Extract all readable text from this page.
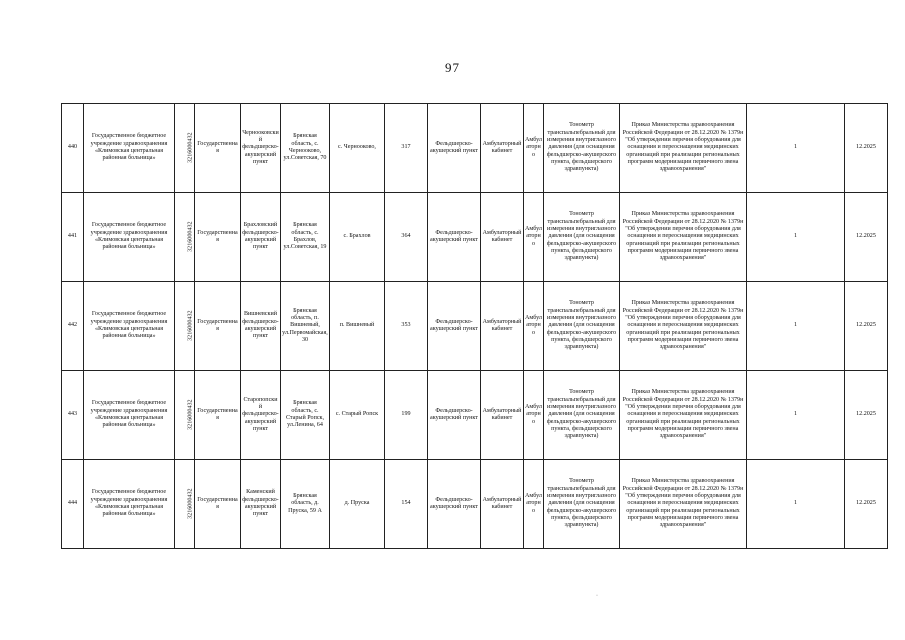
97
440	Государственное бюджетное учреждение здравоохранения «Климовская центральная районная больница»	3216000432	Государственная	Чернооковский фельдшерско-акушерский пункт	Брянская область, с. Чернооково, ул.Советская, 70	с. Чернооково,	317	Фельдшерско-акушерский пункт	Амбулаторный кабинет	Амбулаторно	Тонометр транспальпебральный для измерения внутриглазного давления (для оснащения фельдшерско-акушерского пункта, фельдшерского здравпункта)	Приказ Министерства здравоохранения Российской Федерации от 28.12.2020 № 1379н "Об утверждении перечня оборудования для оснащения и переоснащения медицинских организаций при реализации региональных программ модернизации первичного звена здравоохранения"	1	12.2025
441	Государственное бюджетное учреждение здравоохранения «Климовская центральная районная больница»	3216000432	Государственная	Брахловский фельдшерско-акушерский пункт	Брянская область, с. Брахлов, ул.Советская, 19	с. Брахлов	364	Фельдшерско-акушерский пункт	Амбулаторный кабинет	Амбулаторно	Тонометр транспальпебральный для измерения внутриглазного давления (для оснащения фельдшерско-акушерского пункта, фельдшерского здравпункта)	Приказ Министерства здравоохранения Российской Федерации от 28.12.2020 № 1379н "Об утверждении перечня оборудования для оснащения и переоснащения медицинских организаций при реализации региональных программ модернизации первичного звена здравоохранения"	1	12.2025
442	Государственное бюджетное учреждение здравоохранения «Климовская центральная районная больница»	3216000432	Государственная	Вишневский фельдшерско-акушерский пункт	Брянская область, п. Вишневый, ул.Первомайская, 30	п. Вишневый	353	Фельдшерско-акушерский пункт	Амбулаторный кабинет	Амбулаторно	Тонометр транспальпебральный для измерения внутриглазного давления (для оснащения фельдшерско-акушерского пункта, фельдшерского здравпункта)	Приказ Министерства здравоохранения Российской Федерации от 28.12.2020 № 1379н "Об утверждении перечня оборудования для оснащения и переоснащения медицинских организаций при реализации региональных программ модернизации первичного звена здравоохранения"	1	12.2025
443	Государственное бюджетное учреждение здравоохранения «Климовская центральная районная больница»	3216000432	Государственная	Старопопский фельдшерско-акушерский пункт	Брянская область, с. Старый Ропск, ул.Ленина, 64	с. Старый Ропск	199	Фельдшерско-акушерский пункт	Амбулаторный кабинет	Амбулаторно	Тонометр транспальпебральный для измерения внутриглазного давления (для оснащения фельдшерско-акушерского пункта, фельдшерского здравпункта)	Приказ Министерства здравоохранения Российской Федерации от 28.12.2020 № 1379н "Об утверждении перечня оборудования для оснащения и переоснащения медицинских организаций при реализации региональных программ модернизации первичного звена здравоохранения"	1	12.2025
444	Государственное бюджетное учреждение здравоохранения «Климовская центральная районная больница»	3216000432	Государственная	Каменский фельдшерско-акушерский пункт	Брянская область, д. Пруска, 59 А	д. Пруска	154	Фельдшерско-акушерский пункт	Амбулаторный кабинет	Амбулаторно	Тонометр транспальпебральный для измерения внутриглазного давления (для оснащения фельдшерско-акушерского пункта, фельдшерского здравпункта)	Приказ Министерства здравоохранения Российской Федерации от 28.12.2020 № 1379н "Об утверждении перечня оборудования для оснащения и переоснащения медицинских организаций при реализации региональных программ модернизации первичного звена здравоохранения"	1	12.2025
·
